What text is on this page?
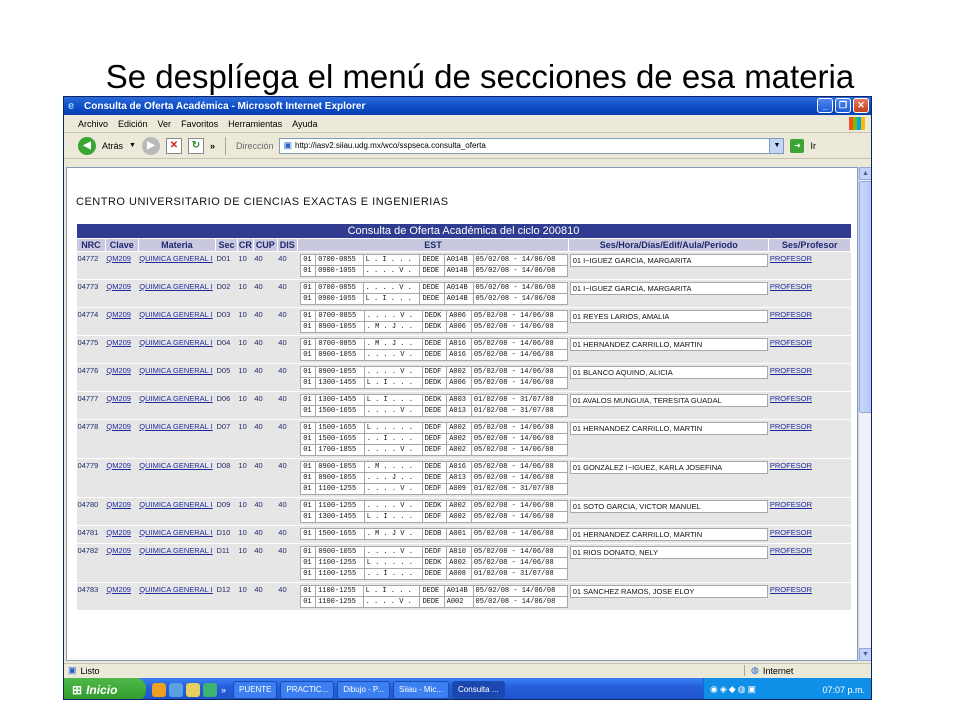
Se desplíega el menú de secciones de esa materia
e Consulta de Oferta Académica - Microsoft Internet Explorer	_	❐	✕
Archivo Edición Ver Favoritos Herramientas Ayuda
◀	Atrás ▼	▶	✕	↻	» Dirección ▣ http://iasv2.siiau.udg.mx/wco/sspseca.consulta_oferta	▼	➜	Ir
CENTRO UNIVERSITARIO DE CIENCIAS EXACTAS E INGENIERIAS
Consulta de Oferta Académica del ciclo 200810
NRC	Clave	Materia	Sec	CR	CUP	DIS	EST	Ses/Hora/Días/Edif/Aula/Periodo	Ses/Profesor
04772	QM209	QUIMICA GENERAL I	D01	10	40	40		01	0700-0855	L . I . . .	DEDE	A014B	05/02/08 - 14/06/08
01	0900-1055	. . . . V .	DEDE	A014B	05/02/08 - 14/06/08

01 I~IGUEZ GARCIA, MARGARITA	PROFESOR
04773	QM209	QUIMICA GENERAL I	D02	10	40	40		01	0700-0855	. . . . V .	DEDE	A014B	05/02/08 - 14/06/08
01	0900-1055	L . I . . .	DEDE	A014B	05/02/08 - 14/06/08

01 I~IGUEZ GARCIA, MARGARITA	PROFESOR
04774	QM209	QUIMICA GENERAL I	D03	10	40	40		01	0700-0855	. . . . V .	DEDK	A006	05/02/08 - 14/06/08
01	0900-1055	. M . J . .	DEDK	A006	05/02/08 - 14/06/08

01 REYES LARIOS, AMALIA	PROFESOR
04775	QM209	QUIMICA GENERAL I	D04	10	40	40		01	0700-0855	. M . J . .	DEDE	A016	05/02/08 - 14/06/08
01	0900-1055	. . . . V .	DEDE	A016	05/02/08 - 14/06/08

01 HERNANDEZ CARRILLO, MARTIN	PROFESOR
04776	QM209	QUIMICA GENERAL I	D05	10	40	40		01	0900-1055	. . . . V .	DEDF	A002	05/02/08 - 14/06/08
01	1300-1455	L . I . . .	DEDK	A006	05/02/08 - 14/06/08

01 BLANCO AQUINO, ALICIA	PROFESOR
04777	QM209	QUIMICA GENERAL I	D06	10	40	40		01	1300-1455	L . I . . .	DEDK	A003	01/02/08 - 31/07/08
01	1500-1655	. . . . V .	DEDE	A013	01/02/08 - 31/07/08

01 AVALOS MUNGUIA, TERESITA GUADAL	PROFESOR
04778	QM209	QUIMICA GENERAL I	D07	10	40	40		01	1500-1655	L . . . . .	DEDF	A002	05/02/08 - 14/06/08
01	1500-1655	. . I . . .	DEDF	A002	05/02/08 - 14/06/08
01	1700-1855	. . . . V .	DEDF	A002	05/02/08 - 14/06/08

01 HERNANDEZ CARRILLO, MARTIN	PROFESOR
04779	QM209	QUIMICA GENERAL I	D08	10	40	40		01	0900-1055	. M . . . .	DEDE	A016	05/02/08 - 14/06/08
01	0900-1055	. . . J . .	DEDE	A013	05/02/08 - 14/06/08
01	1100-1255	. . . . V .	DEDF	A009	01/02/08 - 31/07/08

01 GONZALEZ I~IGUEZ, KARLA JOSEFINA	PROFESOR
04780	QM209	QUIMICA GENERAL I	D09	10	40	40		01	1100-1255	. . . . V .	DEDK	A002	05/02/08 - 14/06/08
01	1300-1455	L . I . . .	DEDF	A002	05/02/08 - 14/06/08

01 SOTO GARCIA, VICTOR MANUEL	PROFESOR
04781	QM209	QUIMICA GENERAL I	D10	10	40	40		01	1500-1655	. M . J V .	DEDB	A001	05/02/08 - 14/06/08
		01 HERNANDEZ CARRILLO, MARTIN	PROFESOR
04782	QM209	QUIMICA GENERAL I	D11	10	40	40		01	0900-1055	. . . . V .	DEDF	A010	05/02/08 - 14/06/08
01	1100-1255	L . . . . .	DEDK	A002	05/02/08 - 14/06/08
01	1100-1255	. . I . . .	DEDE	A008	01/02/08 - 31/07/08

01 RIOS DONATO, NELY	PROFESOR
04783	QM209	QUIMICA GENERAL I	D12	10	40	40		01	1100-1255	L . I . . .	DEDE	A014B	05/02/08 - 14/06/08
01	1100-1255	. . . . V .	DEDE	A002	05/02/08 - 14/06/08

01 SANCHEZ RAMOS, JOSE ELOY	PROFESOR
▲
▼
▣ Listo	◍ Internet
⊞ Inicio	» PUENTE PRACTIC... Dibujo - P... Siiau - Mic... Consulta ...	◉◈◆◍▣	07:07 p.m.
